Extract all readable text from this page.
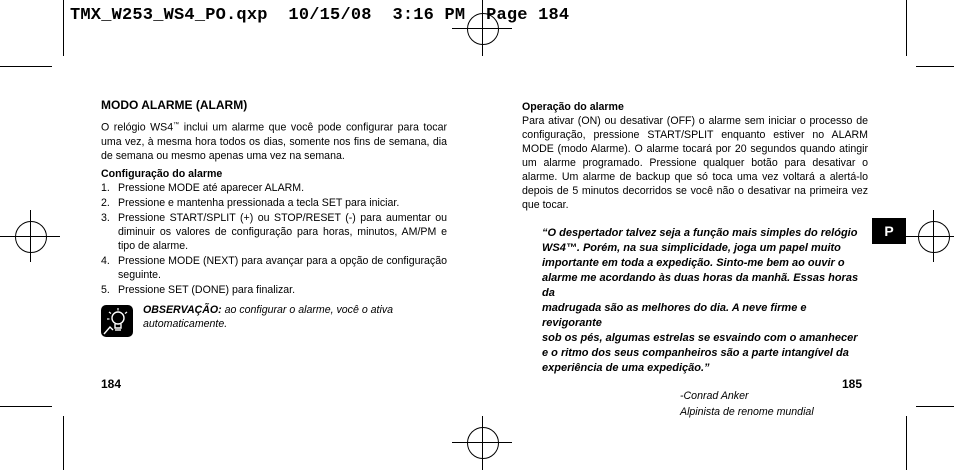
TMX_W253_WS4_PO.qxp  10/15/08  3:16 PM  Page 184
MODO ALARME (ALARM)
O relógio WS4™ inclui um alarme que você pode configurar para tocar uma vez, à mesma hora todos os dias, somente nos fins de semana, dia de semana ou mesmo apenas uma vez na semana.
Configuração do alarme
1. Pressione MODE até aparecer ALARM.
2. Pressione e mantenha pressionada a tecla SET para iniciar.
3. Pressione START/SPLIT (+) ou STOP/RESET (-) para aumentar ou diminuir os valores de configuração para horas, minutos, AM/PM e tipo de alarme.
4. Pressione MODE (NEXT) para avançar para a opção de configuração seguinte.
5. Pressione SET (DONE) para finalizar.
OBSERVAÇÃO: ao configurar o alarme, você o ativa automaticamente.
Operação do alarme
Para ativar (ON) ou desativar (OFF) o alarme sem iniciar o processo de configuração, pressione START/SPLIT enquanto estiver no ALARM MODE (modo Alarme). O alarme tocará por 20 segundos quando atingir um alarme programado. Pressione qualquer botão para desativar o alarme. Um alarme de backup que só toca uma vez voltará a alertá-lo depois de 5 minutos decorridos se você não o desativar na primeira vez que tocar.
“O despertador talvez seja a função mais simples do relógio
WS4™. Porém, na sua simplicidade, joga um papel muito
importante em toda a expedição. Sinto-me bem ao ouvir o
alarme me acordando às duas horas da manhã. Essas horas da
madrugada são as melhores do dia. A neve firme e revigorante
sob os pés, algumas estrelas se esvaindo com o amanhecer
e o ritmo dos seus companheiros são a parte intangível da
experiência de uma expedição.”
-Conrad Anker
Alpinista de renome mundial
184	185
P
